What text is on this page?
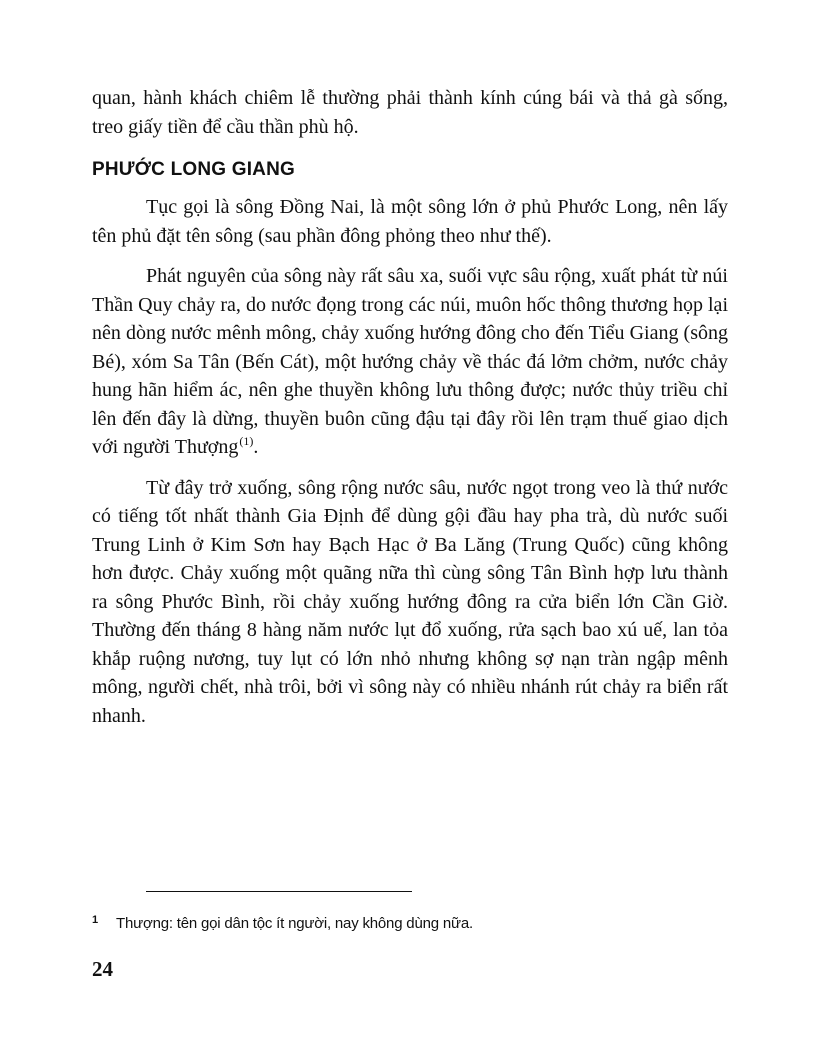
quan, hành khách chiêm lễ thường phải thành kính cúng bái và thả gà sống, treo giấy tiền để cầu thần phù hộ.

PHƯỚC LONG GIANG

Tục gọi là sông Đồng Nai, là một sông lớn ở phủ Phước Long, nên lấy tên phủ đặt tên sông (sau phần đông phỏng theo như thế).

Phát nguyên của sông này rất sâu xa, suối vực sâu rộng, xuất phát từ núi Thần Quy chảy ra, do nước đọng trong các núi, muôn hốc thông thương họp lại nên dòng nước mênh mông, chảy xuống hướng đông cho đến Tiểu Giang (sông Bé), xóm Sa Tân (Bến Cát), một hướng chảy về thác đá lởm chởm, nước chảy hung hãn hiểm ác, nên ghe thuyền không lưu thông được; nước thủy triều chỉ lên đến đây là dừng, thuyền buôn cũng đậu tại đây rồi lên trạm thuế giao dịch với người Thượng$^{(1)}$.

Từ đây trở xuống, sông rộng nước sâu, nước ngọt trong veo là thứ nước có tiếng tốt nhất thành Gia Định để dùng gội đầu hay pha trà, dù nước suối Trung Linh ở Kim Sơn hay Bạch Hạc ở Ba Lăng (Trung Quốc) cũng không hơn được. Chảy xuống một quãng nữa thì cùng sông Tân Bình hợp lưu thành ra sông Phước Bình, rồi chảy xuống hướng đông ra cửa biển lớn Cần Giờ. Thường đến tháng 8 hàng năm nước lụt đổ xuống, rửa sạch bao xú uế, lan tỏa khắp ruộng nương, tuy lụt có lớn nhỏ nhưng không sợ nạn tràn ngập mênh mông, người chết, nhà trôi, bởi vì sông này có nhiều nhánh rút chảy ra biển rất nhanh.

1 Thượng: tên gọi dân tộc ít người, nay không dùng nữa.
24
